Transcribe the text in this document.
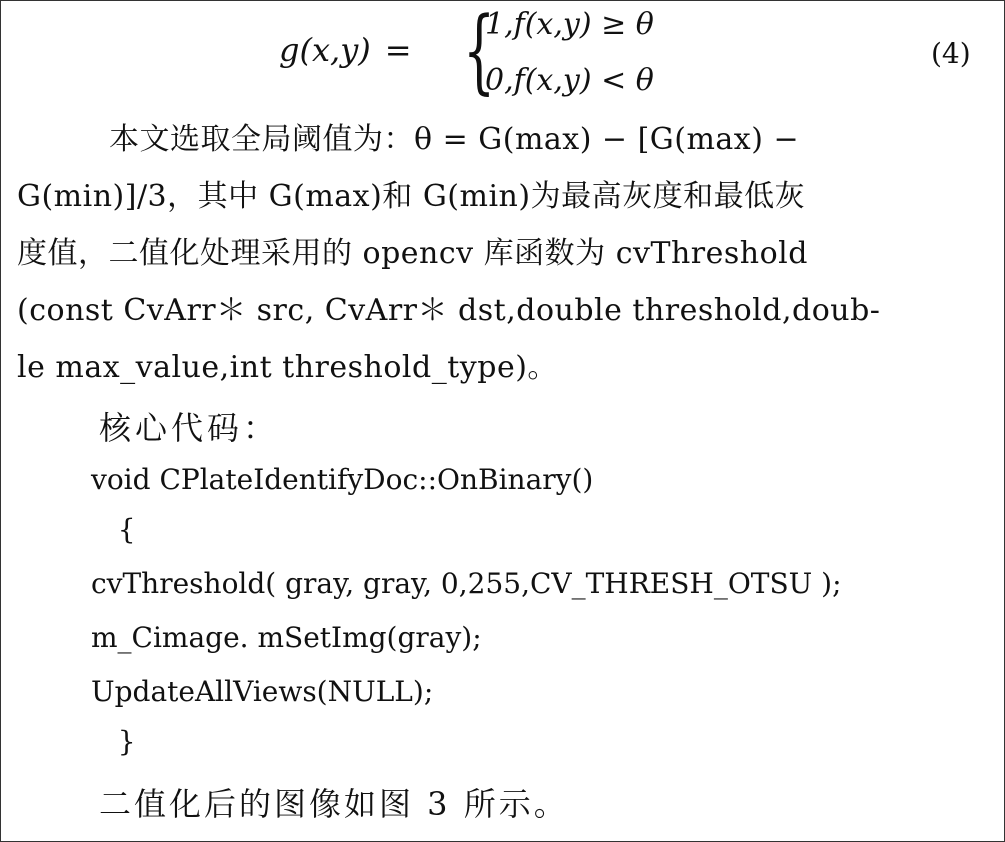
g(x,y) = {
1,f(x,y) ≥ θ
0,f(x,y) < θ
(4)
本文选取全局阈值为：θ = G(max) − [G(max) −
G(min)]/3，其中 G(max)和 G(min)为最高灰度和最低灰
度值，二值化处理采用的 opencv 库函数为 cvThreshold
(const CvArr＊ src, CvArr＊ dst,double threshold,doub-
le max_value,int threshold_type)。
核心代码：
void CPlateIdentifyDoc::OnBinary()
{
cvThreshold( gray, gray, 0,255,CV_THRESH_OTSU );
m_Cimage. mSetImg(gray);
UpdateAllViews(NULL);
}
二值化后的图像如图 3 所示。
